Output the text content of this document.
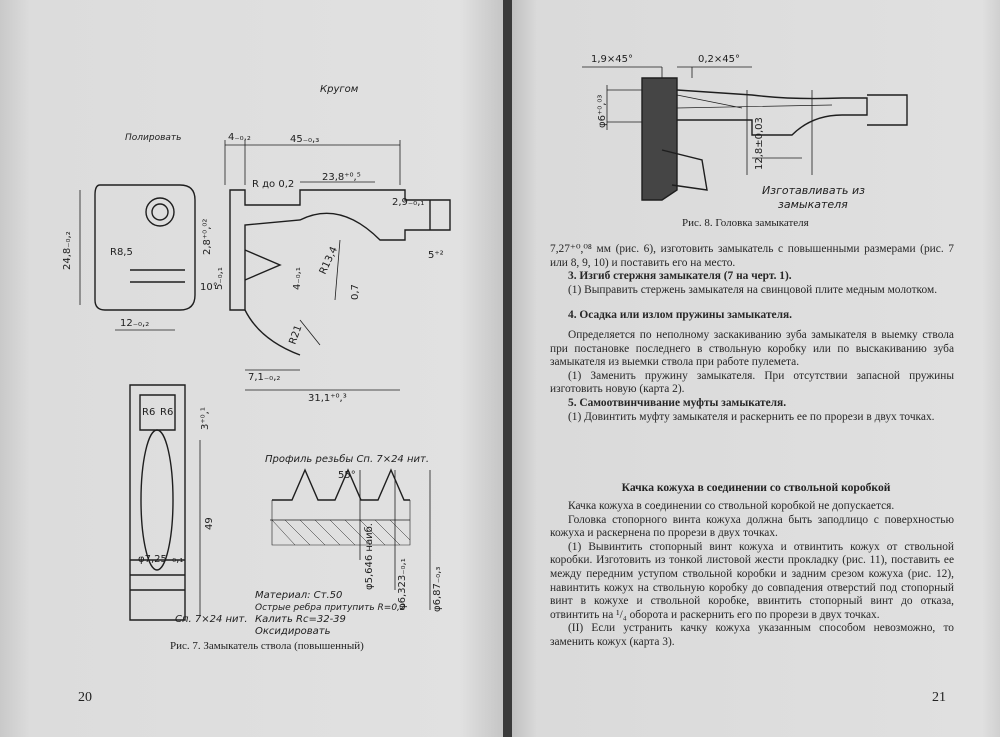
Кругом
Полировать	4₋₀,₂	45₋₀,₃
R до 0,2
23,8⁺⁰,⁵
2,9₋₀,₁
24,8₋₀,₂	R8,5	2,8⁺⁰,⁰²
10°
5₋₀,₁	4₋₀,₁
R13,4
0,7
5⁺²
12₋₀,₂
R21
7,1₋₀,₂
31,1⁺⁰,³
R6 R6	3⁺⁰,¹
49
φ7,25₋₀,₁
Сп. 7×24 нит.
Профиль резьбы Сп. 7×24 нит.
55°
φ5,646 наиб. φ6,323₋₀,₁ φ6,87₋₀,₃
Материал: Ст.50
Острые ребра притупить R=0,2
Калить Rc=32-39
Оксидировать
Рис. 7. Замыкатель ствола (повышенный)
20
1,9×45°	0,2×45°
φ6⁺⁰,⁰³
12,8±0,03
Изготавливать из
замыкателя
Рис. 8. Головка замыкателя

7,27⁺⁰,⁰⁸ мм (рис. 6), изготовить замыкатель с повышенными размерами (рис. 7 или 8, 9, 10) и поставить его на место.

3. Изгиб стержня замыкателя (7 на черт. 1).

(1) Выправить стержень замыкателя на свинцовой плите медным молотком.

4. Осадка или излом пружины замыкателя.

Определяется по неполному заскакиванию зуба замыкателя в выемку ствола при постановке последнего в ствольную коробку или по выскакиванию зуба замыкателя из выемки ствола при работе пулемета.

(1) Заменить пружину замыкателя. При отсутствии запасной пружины изготовить новую (карта 2).

5. Самоотвинчивание муфты замыкателя.

(1) Довинтить муфту замыкателя и раскернить ее по прорези в двух точках.

Качка кожуха в соединении со ствольной коробкой

Качка кожуха в соединении со ствольной коробкой не допускается.

Головка стопорного винта кожуха должна быть заподлицо с поверхностью кожуха и раскернена по прорези в двух точках.

(1) Вывинтить стопорный винт кожуха и отвинтить кожух от ствольной коробки. Изготовить из тонкой листовой жести прокладку (рис. 11), поставить ее между передним уступом ствольной коробки и задним срезом кожуха (рис. 12), навинтить кожух на ствольную коробку до совпадения отверстий под стопорный винт в кожухе и ствольной коробке, ввинтить стопорный винт до отказа, отвинтить на ¹/₄ оборота и раскернить его по прорези в двух точках.

(II) Если устранить качку кожуха указанным способом невозможно, то заменить кожух (карта 3).

21
